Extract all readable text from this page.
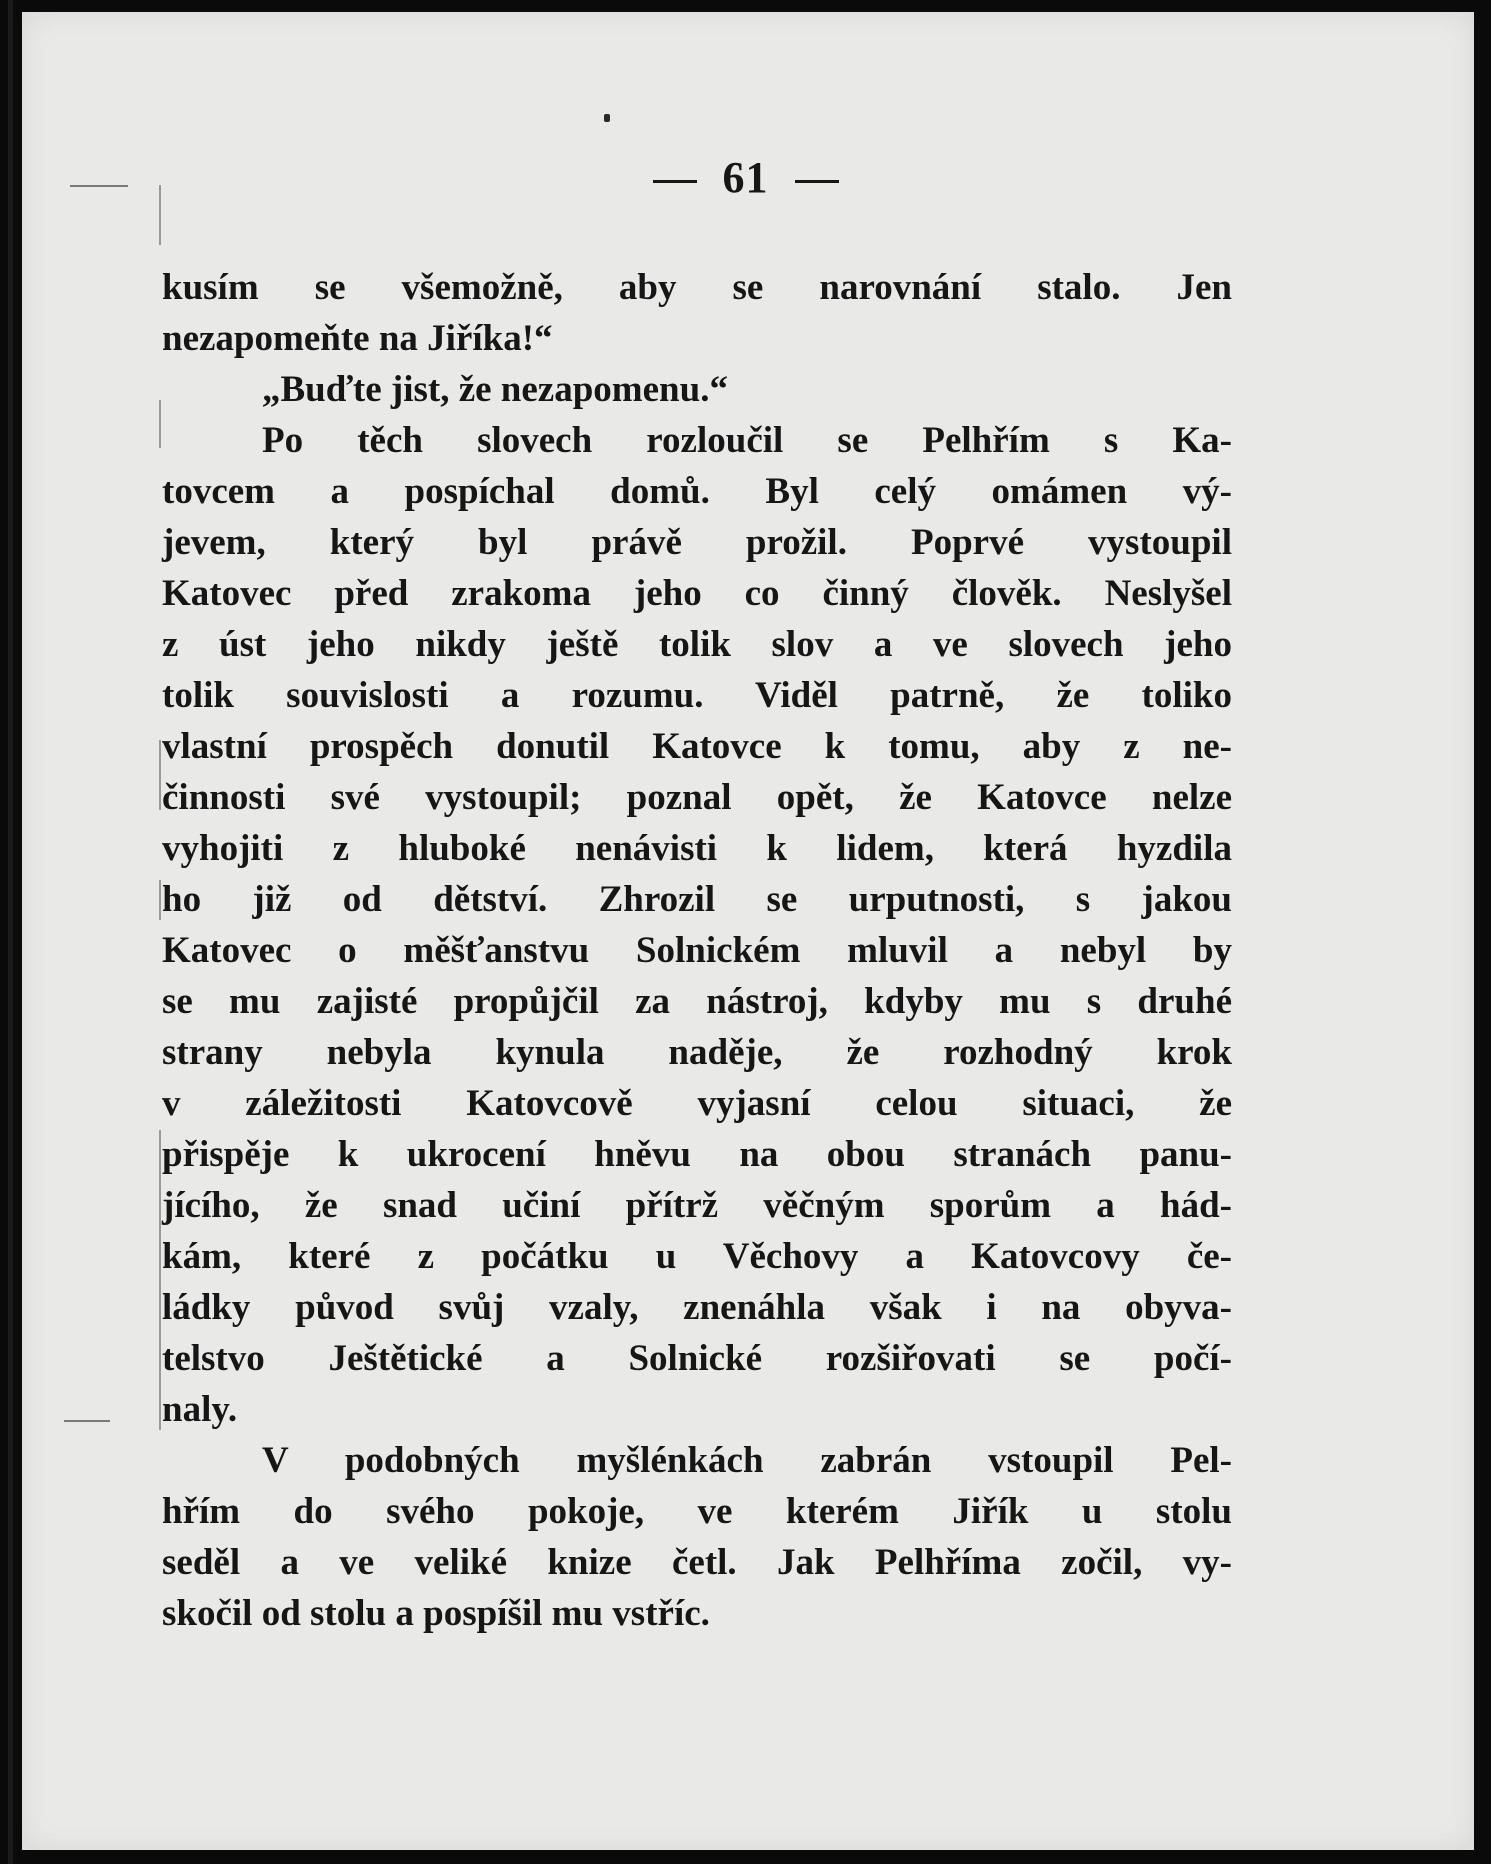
61
kusím se všemožně, aby se narovnání stalo. Jen
nezapomeňte na Jiříka!“
„Buďte jist, že nezapomenu.“
Po těch slovech rozloučil se Pelhřím s Ka-
tovcem a pospíchal domů. Byl celý omámen vý-
jevem, který byl právě prožil. Poprvé vystoupil
Katovec před zrakoma jeho co činný člověk. Neslyšel
z úst jeho nikdy ještě tolik slov a ve slovech jeho
tolik souvislosti a rozumu. Viděl patrně, že toliko
vlastní prospěch donutil Katovce k tomu, aby z ne-
činnosti své vystoupil; poznal opět, že Katovce nelze
vyhojiti z hluboké nenávisti k lidem, která hyzdila
ho již od dětství. Zhrozil se urputnosti, s jakou
Katovec o měšťanstvu Solnickém mluvil a nebyl by
se mu zajisté propůjčil za nástroj, kdyby mu s druhé
strany nebyla kynula naděje, že rozhodný krok
v záležitosti Katovcově vyjasní celou situaci, že
přispěje k ukrocení hněvu na obou stranách panu-
jícího, že snad učiní přítrž věčným sporům a hád-
kám, které z počátku u Věchovy a Katovcovy če-
ládky původ svůj vzaly, znenáhla však i na obyva-
telstvo Ještětické a Solnické rozšiřovati se počí-
naly.
V podobných myšlénkách zabrán vstoupil Pel-
hřím do svého pokoje, ve kterém Jiřík u stolu
seděl a ve veliké knize četl. Jak Pelhříma zočil, vy-
skočil od stolu a pospíšil mu vstříc.
